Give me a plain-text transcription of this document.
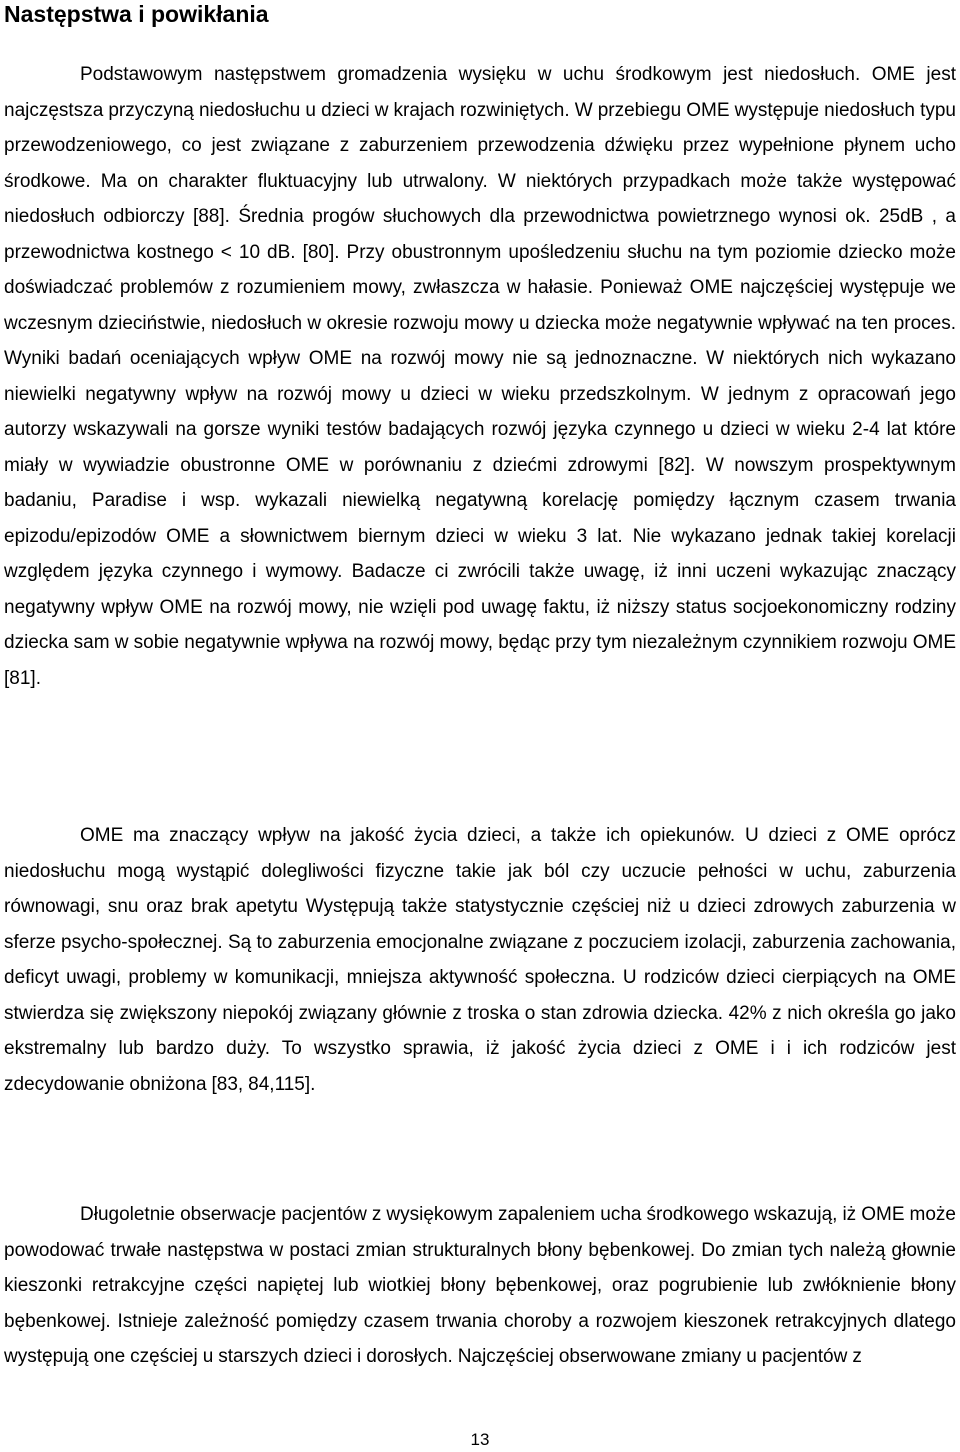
Następstwa i powikłania

Podstawowym następstwem gromadzenia wysięku w uchu środkowym jest niedosłuch. OME jest najczęstsza przyczyną niedosłuchu u dzieci w krajach rozwiniętych. W przebiegu OME występuje niedosłuch typu przewodzeniowego, co jest związane z zaburzeniem przewodzenia dźwięku przez wypełnione płynem ucho środkowe. Ma on charakter fluktuacyjny lub utrwalony. W niektórych przypadkach może także występować niedosłuch odbiorczy [88]. Średnia progów słuchowych dla przewodnictwa powietrznego wynosi ok. 25dB , a przewodnictwa kostnego < 10 dB. [80]. Przy obustronnym upośledzeniu słuchu na tym poziomie dziecko może doświadczać problemów z rozumieniem mowy, zwłaszcza w hałasie. Ponieważ OME najczęściej występuje we wczesnym dzieciństwie, niedosłuch w okresie rozwoju mowy u dziecka może negatywnie wpływać na ten proces. Wyniki badań oceniających wpływ OME na rozwój mowy nie są jednoznaczne. W niektórych nich wykazano niewielki negatywny wpływ na rozwój mowy u dzieci w wieku przedszkolnym. W jednym z opracowań jego autorzy wskazywali na gorsze wyniki testów badających rozwój języka czynnego u dzieci w wieku 2-4 lat które miały w wywiadzie obustronne OME w porównaniu z dziećmi zdrowymi [82]. W nowszym prospektywnym badaniu, Paradise i wsp. wykazali niewielką negatywną korelację pomiędzy łącznym czasem trwania epizodu/epizodów OME a słownictwem biernym dzieci w wieku 3 lat. Nie wykazano jednak takiej korelacji względem języka czynnego i wymowy. Badacze ci zwrócili także uwagę, iż inni uczeni wykazując znaczący negatywny wpływ OME na rozwój mowy, nie wzięli pod uwagę faktu, iż niższy status socjoekonomiczny rodziny dziecka sam w sobie negatywnie wpływa na rozwój mowy, będąc przy tym niezależnym czynnikiem rozwoju OME [81].

OME ma znaczący wpływ na jakość życia dzieci, a także ich opiekunów. U dzieci z OME oprócz niedosłuchu mogą wystąpić dolegliwości fizyczne takie jak ból czy uczucie pełności w uchu, zaburzenia równowagi, snu oraz brak apetytu Występują także statystycznie częściej niż u dzieci zdrowych zaburzenia w sferze psycho-społecznej. Są to zaburzenia emocjonalne związane z poczuciem izolacji, zaburzenia zachowania, deficyt uwagi, problemy w komunikacji, mniejsza aktywność społeczna. U rodziców dzieci cierpiących na OME stwierdza się zwiększony niepokój związany głównie z troska o stan zdrowia dziecka. 42% z nich określa go jako ekstremalny lub bardzo duży. To wszystko sprawia, iż jakość życia dzieci z OME i i ich rodziców jest zdecydowanie obniżona [83, 84,115].

Długoletnie obserwacje pacjentów z wysiękowym zapaleniem ucha środkowego wskazują, iż OME może powodować trwałe następstwa w postaci zmian strukturalnych błony bębenkowej. Do zmian tych należą głownie kieszonki retrakcyjne części napiętej lub wiotkiej błony bębenkowej, oraz pogrubienie lub zwłóknienie błony bębenkowej. Istnieje zależność pomiędzy czasem trwania choroby a rozwojem kieszonek retrakcyjnych dlatego występują one częściej u starszych dzieci i dorosłych. Najczęściej obserwowane zmiany u pacjentów z

13
